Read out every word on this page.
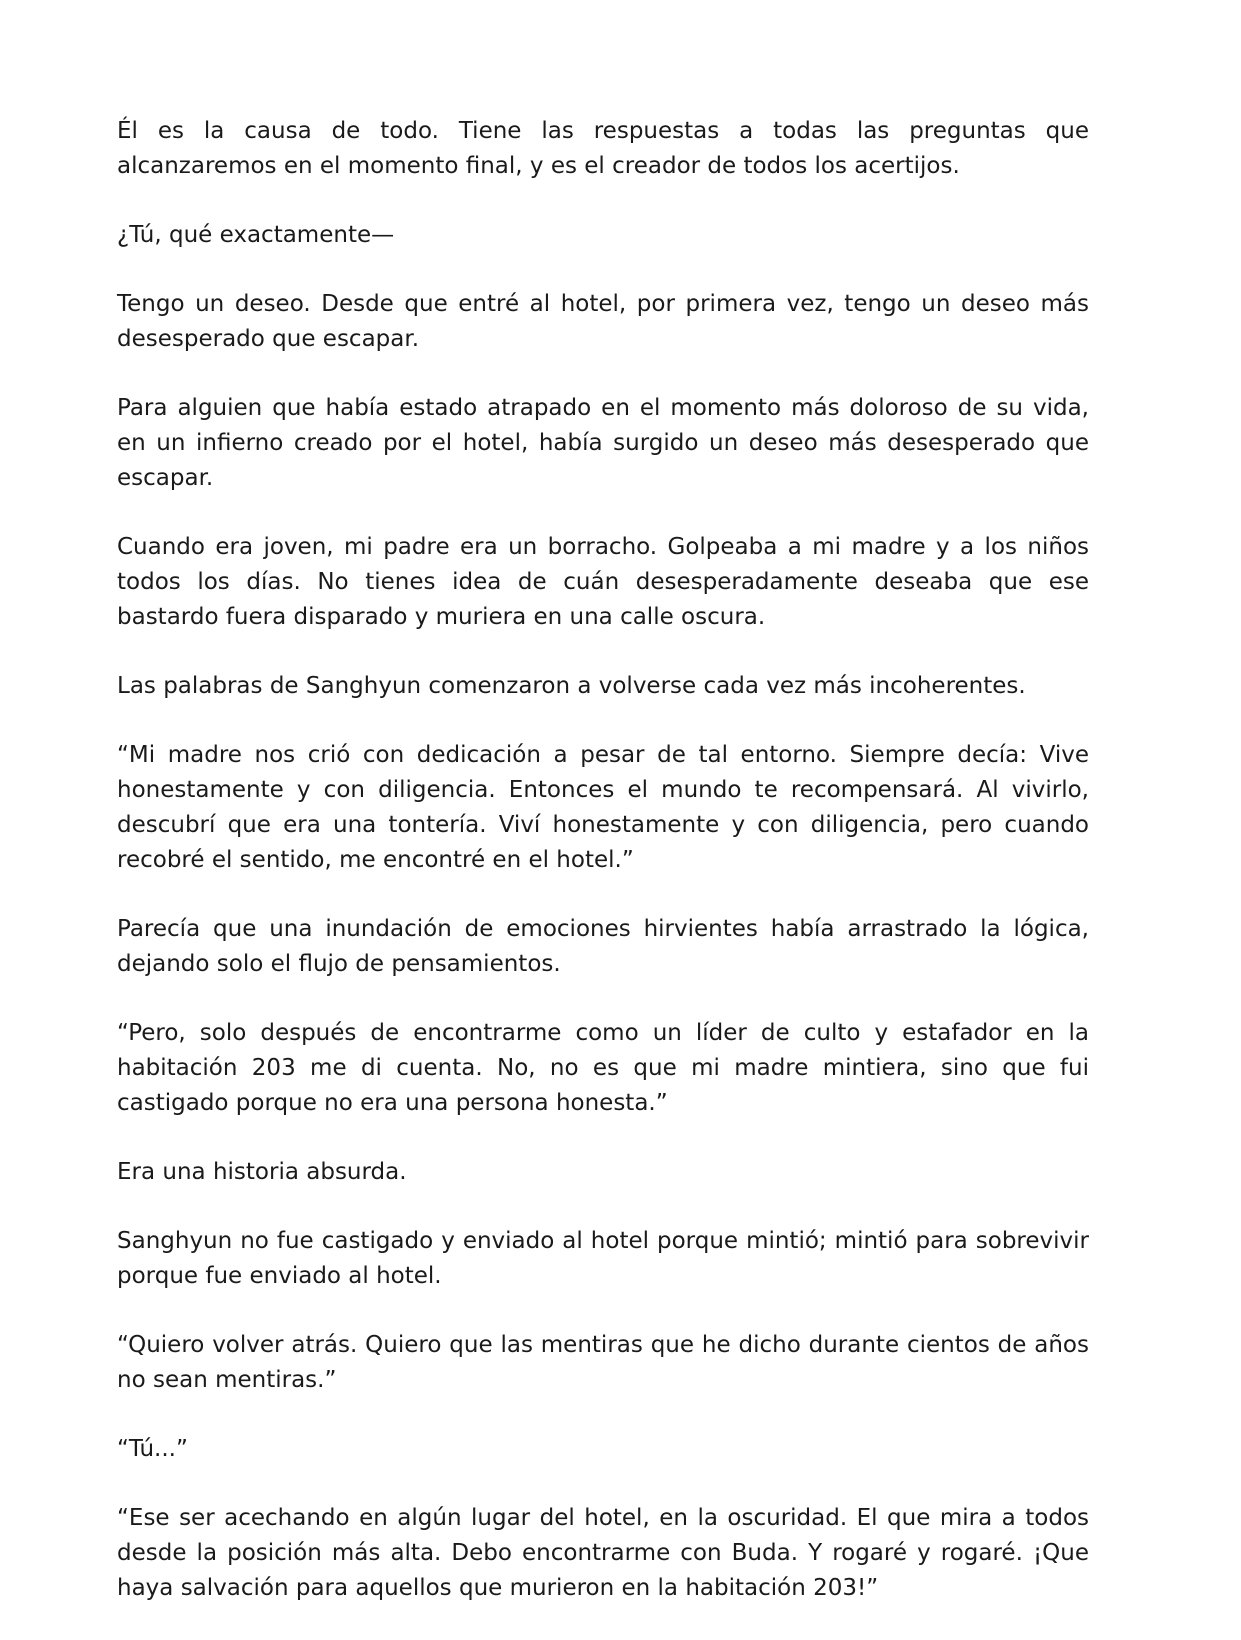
Él es la causa de todo. Tiene las respuestas a todas las preguntas que alcanzaremos en el momento final, y es el creador de todos los acertijos.

¿Tú, qué exactamente—

Tengo un deseo. Desde que entré al hotel, por primera vez, tengo un deseo más desesperado que escapar.

Para alguien que había estado atrapado en el momento más doloroso de su vida, en un infierno creado por el hotel, había surgido un deseo más desesperado que escapar.

Cuando era joven, mi padre era un borracho. Golpeaba a mi madre y a los niños todos los días. No tienes idea de cuán desesperadamente deseaba que ese bastardo fuera disparado y muriera en una calle oscura.

Las palabras de Sanghyun comenzaron a volverse cada vez más incoherentes.

“Mi madre nos crió con dedicación a pesar de tal entorno. Siempre decía: Vive honestamente y con diligencia. Entonces el mundo te recompensará. Al vivirlo, descubrí que era una tontería. Viví honestamente y con diligencia, pero cuando recobré el sentido, me encontré en el hotel.”

Parecía que una inundación de emociones hirvientes había arrastrado la lógica, dejando solo el flujo de pensamientos.

“Pero, solo después de encontrarme como un líder de culto y estafador en la habitación 203 me di cuenta. No, no es que mi madre mintiera, sino que fui castigado porque no era una persona honesta.”

Era una historia absurda.

Sanghyun no fue castigado y enviado al hotel porque mintió; mintió para sobrevivir porque fue enviado al hotel.

“Quiero volver atrás. Quiero que las mentiras que he dicho durante cientos de años no sean mentiras.”

“Tú...”

“Ese ser acechando en algún lugar del hotel, en la oscuridad. El que mira a todos desde la posición más alta. Debo encontrarme con Buda. Y rogaré y rogaré. ¡Que haya salvación para aquellos que murieron en la habitación 203!”
